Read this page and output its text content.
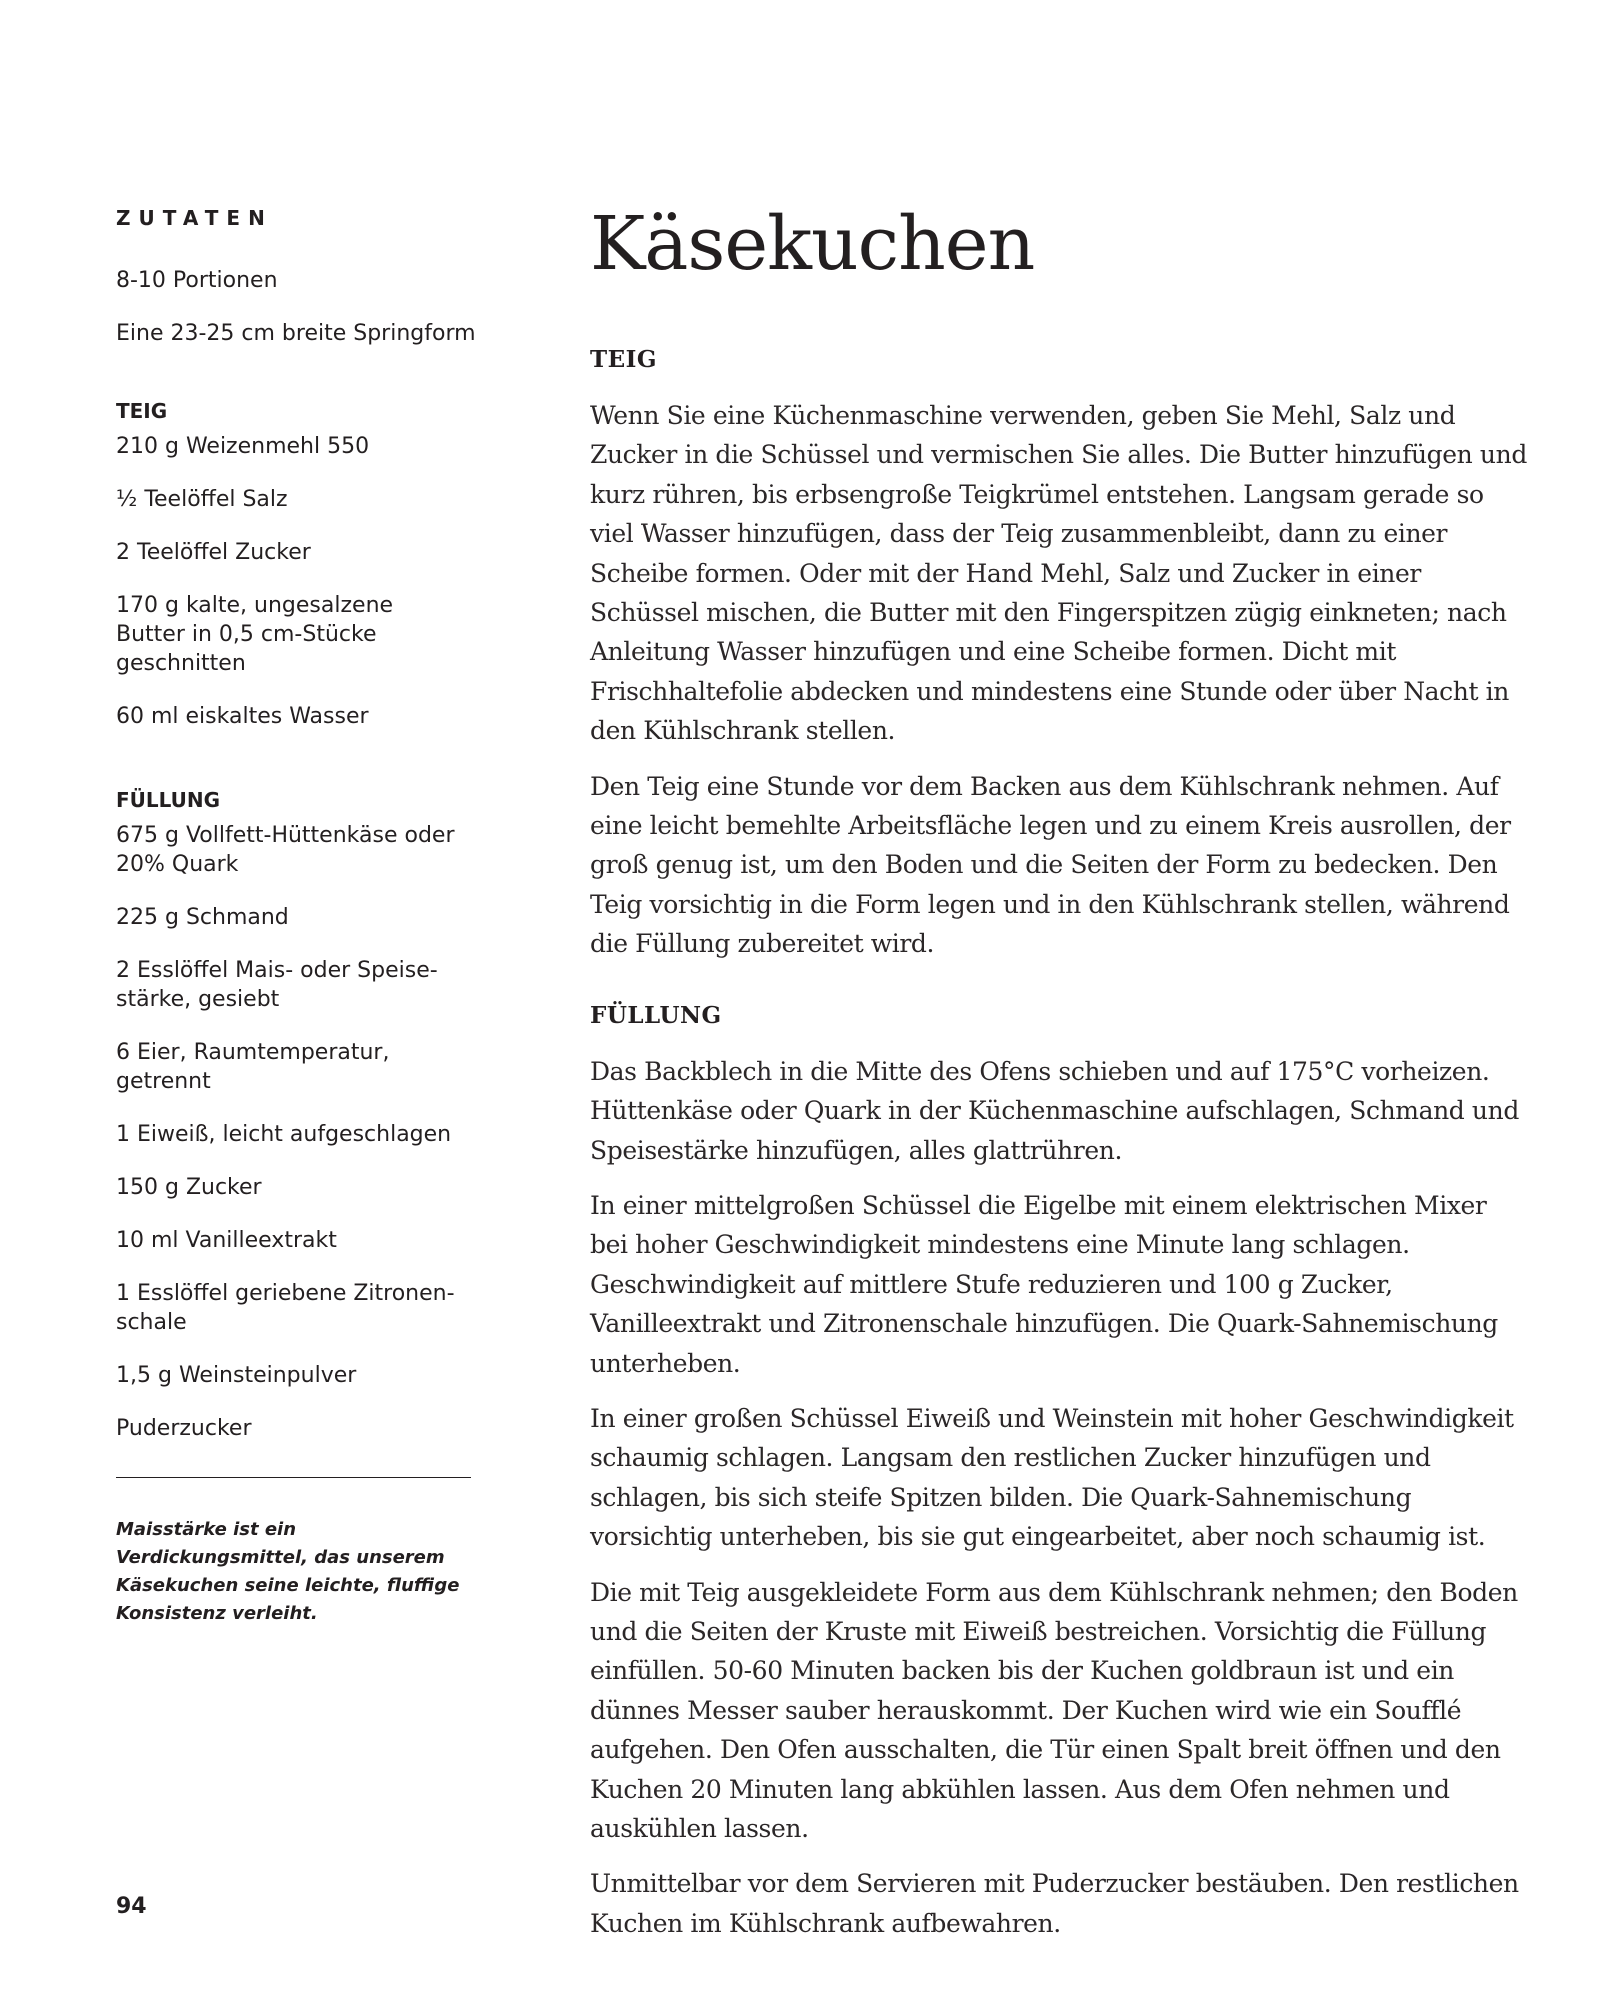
ZUTATEN
8-10 Portionen
Eine 23-25 cm breite Springform
TEIG
210 g Weizenmehl 550
½ Teelöffel Salz
2 Teelöffel Zucker
170 g kalte, ungesalzene Butter in 0,5 cm-Stücke geschnitten
60 ml eiskaltes Wasser
FÜLLUNG
675 g Vollfett-Hüttenkäse oder 20% Quark
225 g Schmand
2 Esslöffel Mais- oder Speise-stärke, gesiebt
6 Eier, Raumtemperatur, getrennt
1 Eiweiß, leicht aufgeschlagen
150 g Zucker
10 ml Vanilleextrakt
1 Esslöffel geriebene Zitronen-schale
1,5 g Weinsteinpulver
Puderzucker

Maisstärke ist ein Verdickungsmittel, das unserem Käsekuchen seine leichte, fluffige Konsistenz verleiht.

94
Käsekuchen
TEIG

Wenn Sie eine Küchenmaschine verwenden, geben Sie Mehl, Salz und Zucker in die Schüssel und vermischen Sie alles. Die Butter hinzufügen und kurz rühren, bis erbsengroße Teigkrümel entstehen. Langsam gerade so viel Wasser hinzufügen, dass der Teig zusammenbleibt, dann zu einer Scheibe formen. Oder mit der Hand Mehl, Salz und Zucker in einer Schüssel mischen, die Butter mit den Fingerspitzen zügig einkneten; nach Anleitung Wasser hinzufügen und eine Scheibe formen. Dicht mit Frischhaltefolie abdecken und mindestens eine Stunde oder über Nacht in den Kühlschrank stellen.

Den Teig eine Stunde vor dem Backen aus dem Kühlschrank nehmen. Auf eine leicht bemehlte Arbeitsfläche legen und zu einem Kreis ausrollen, der groß genug ist, um den Boden und die Seiten der Form zu bedecken. Den Teig vorsichtig in die Form legen und in den Kühlschrank stellen, während die Füllung zubereitet wird.

FÜLLUNG

Das Backblech in die Mitte des Ofens schieben und auf 175°C vorheizen. Hüttenkäse oder Quark in der Küchenmaschine aufschlagen, Schmand und Speisestärke hinzufügen, alles glattrühren.

In einer mittelgroßen Schüssel die Eigelbe mit einem elektrischen Mixer bei hoher Geschwindigkeit mindestens eine Minute lang schlagen. Geschwindigkeit auf mittlere Stufe reduzieren und 100 g Zucker, Vanilleextrakt und Zitronenschale hinzufügen. Die Quark-Sahnemischung unterheben.

In einer großen Schüssel Eiweiß und Weinstein mit hoher Geschwindigkeit schaumig schlagen. Langsam den restlichen Zucker hinzufügen und schlagen, bis sich steife Spitzen bilden. Die Quark-Sahnemischung vorsichtig unterheben, bis sie gut eingearbeitet, aber noch schaumig ist.

Die mit Teig ausgekleidete Form aus dem Kühlschrank nehmen; den Boden und die Seiten der Kruste mit Eiweiß bestreichen. Vorsichtig die Füllung einfüllen. 50-60 Minuten backen bis der Kuchen goldbraun ist und ein dünnes Messer sauber herauskommt. Der Kuchen wird wie ein Soufflé aufgehen. Den Ofen ausschalten, die Tür einen Spalt breit öffnen und den Kuchen 20 Minuten lang abkühlen lassen. Aus dem Ofen nehmen und auskühlen lassen.

Unmittelbar vor dem Servieren mit Puderzucker bestäuben. Den restlichen Kuchen im Kühlschrank aufbewahren.
